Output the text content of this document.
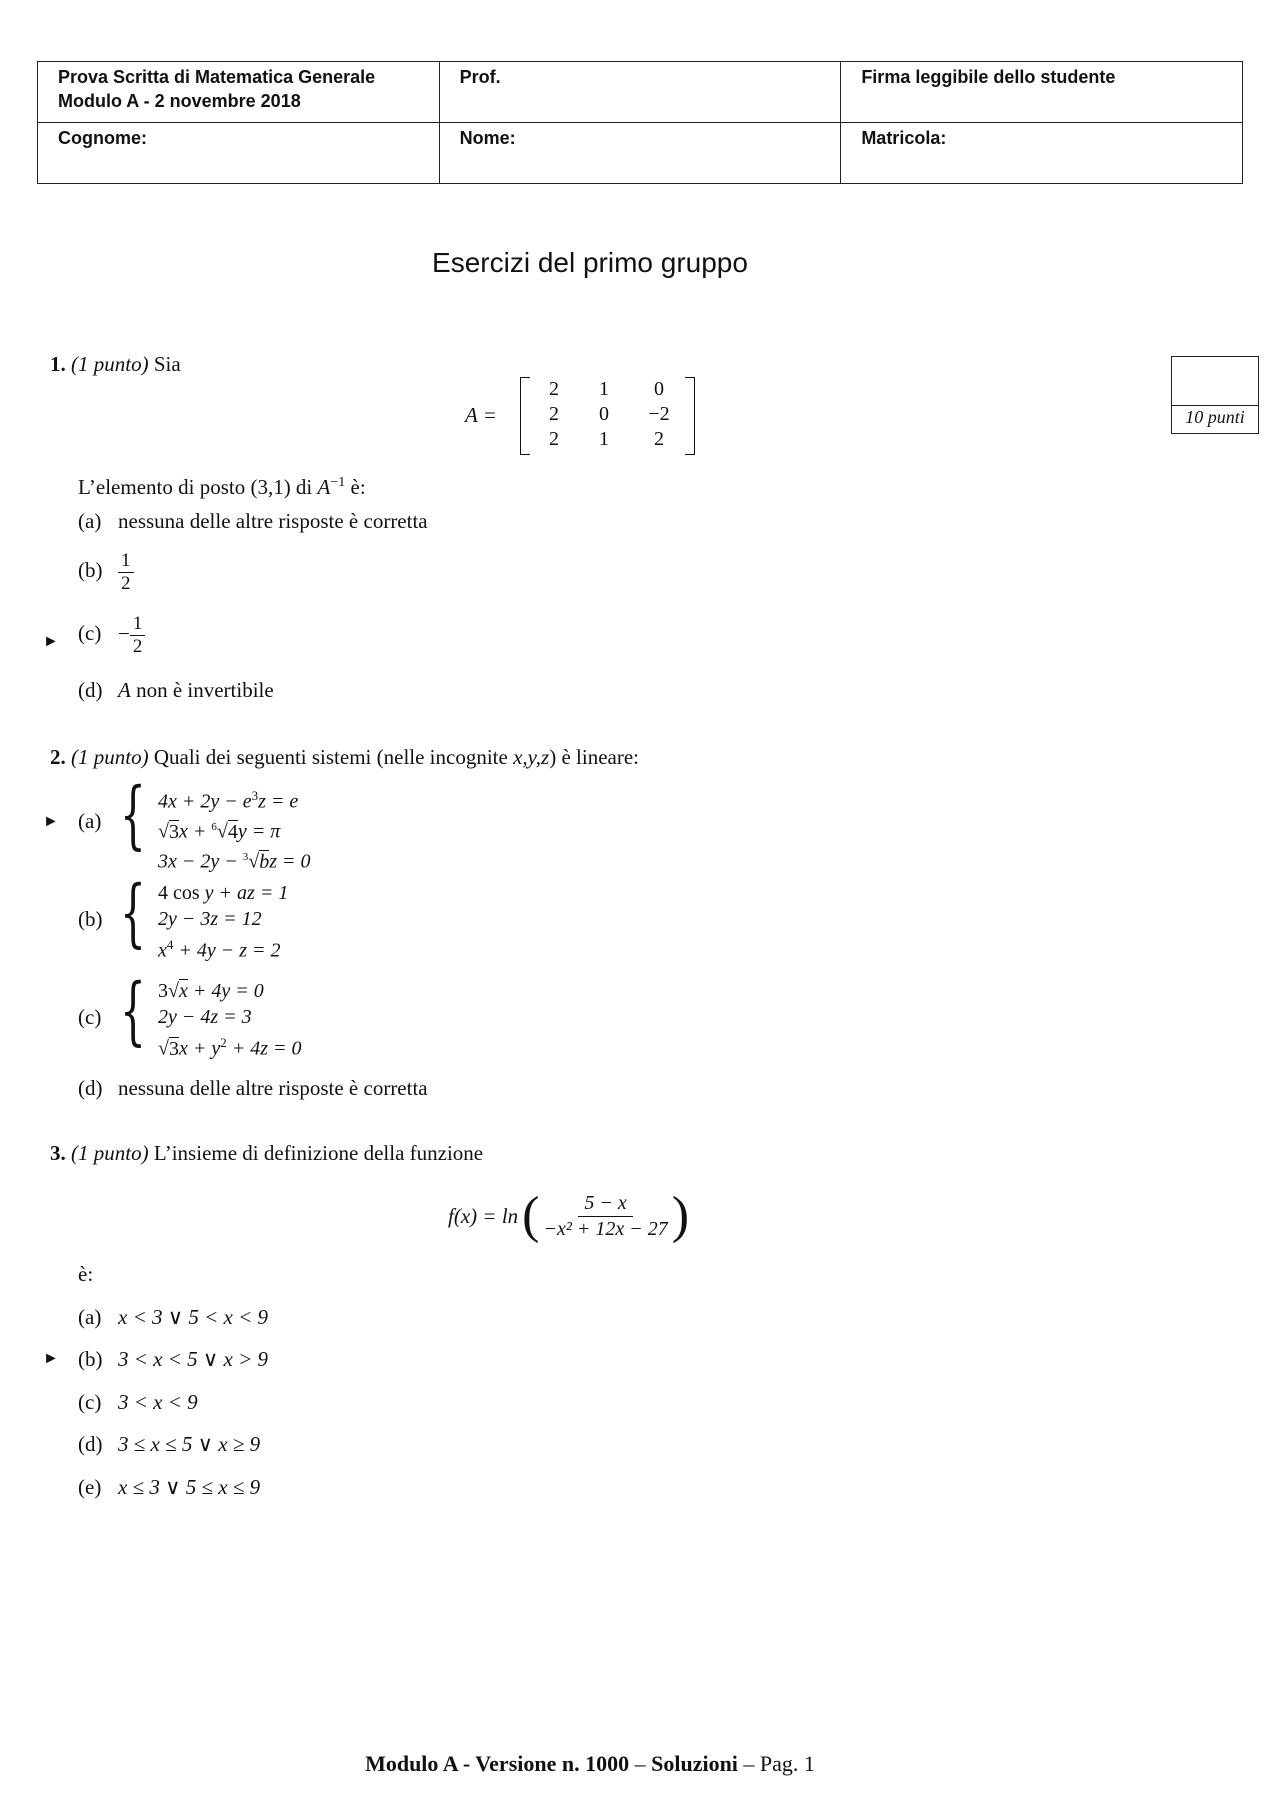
Prova Scritta di Matematica Generale
Modulo A - 2 novembre 2018	Prof.	Firma leggibile dello studente
Cognome:	Nome:	Matricola:
Esercizi del primo gruppo
10 punti
1. (1 punto) Sia
A =
2	1	0
2	0	−2
2	1	2
L’elemento di posto (3,1) di $A^{-1}$ è:
(a) nessuna delle altre risposte è corretta
$(b) \frac{1}{2}$
► $(c) - \frac{1}{2}$
(d) A non è invertibile
2. (1 punto) Quali dei seguenti sistemi (nelle incognite x,y,z) è lineare:
► (a) { $4x + 2y - e^3z = e$
√3x + $^6$√4y = π
3x − 2y − $^3$√bz = 0
(b) { 4 cos y + az = 1
2y − 3z = 12
$x^4 + 4y - z = 2$
(c) { 3√x + 4y = 0
2y − 4z = 3
$√3x + y^2 + 4z = 0$
(d) nessuna delle altre risposte è corretta
3. (1 punto) L’insieme di definizione della funzione
f(x) = ln ( $\frac{5 - x}{\text{−x² + 12x − 27}}$ )
è:
(a) x < 3 ∨ 5 < x < 9
► (b) 3 < x < 5 ∨ x > 9
(c) 3 < x < 9
(d) 3 ≤ x ≤ 5 ∨ x ≥ 9
(e) x ≤ 3 ∨ 5 ≤ x ≤ 9
Modulo A - Versione n. 1000 – Soluzioni – Pag. 1
